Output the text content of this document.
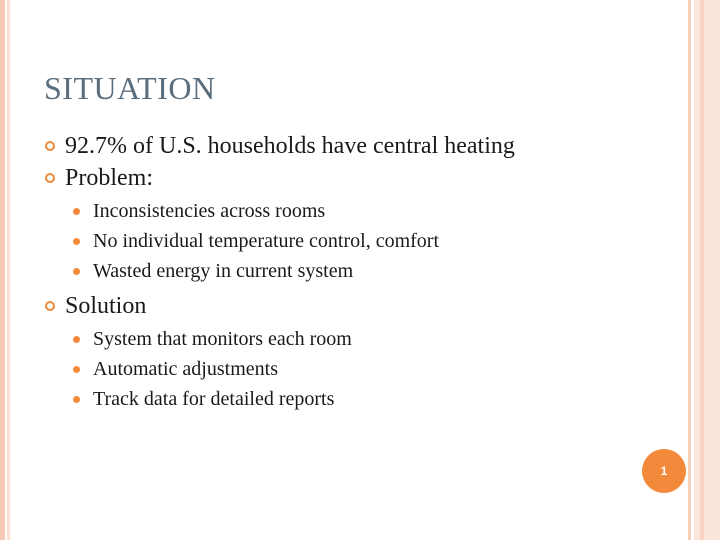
SITUATION
92.7% of U.S. households have central heating
Problem:
Inconsistencies across rooms
No individual temperature control, comfort
Wasted energy in current system
Solution
System that monitors each room
Automatic adjustments
Track data for detailed reports
1
